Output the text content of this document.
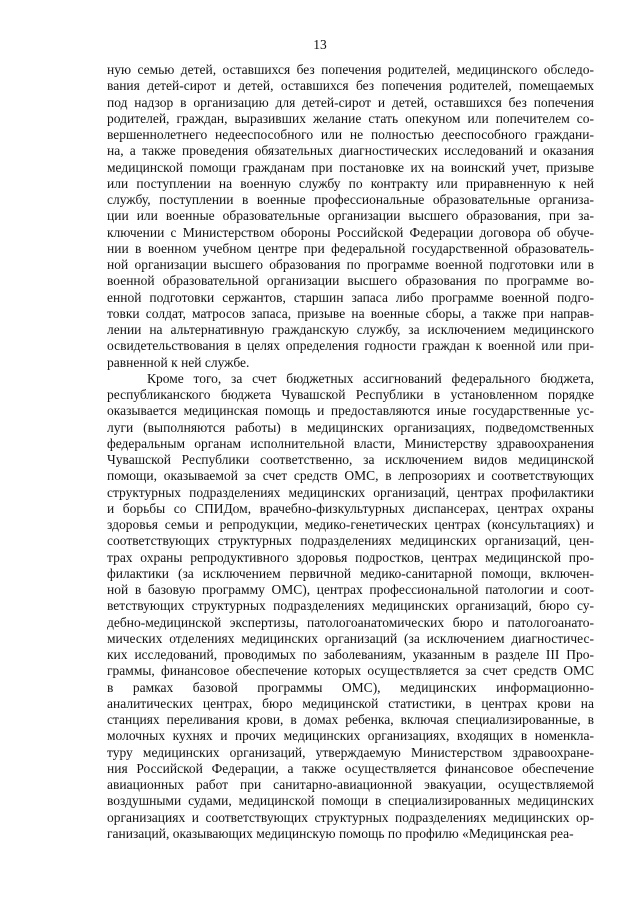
13
ную семью детей, оставшихся без попечения родителей, медицинского обследо-
вания детей-сирот и детей, оставшихся без попечения родителей, помещаемых
под надзор в организацию для детей-сирот и детей, оставшихся без попечения
родителей, граждан, выразивших желание стать опекуном или попечителем со-
вершеннолетнего недееспособного или не полностью дееспособного граждани-
на, а также проведения обязательных диагностических исследований и оказания
медицинской помощи гражданам при постановке их на воинский учет, призыве
или поступлении на военную службу по контракту или приравненную к ней
службу, поступлении в военные профессиональные образовательные организа-
ции или военные образовательные организации высшего образования, при за-
ключении с Министерством обороны Российской Федерации договора об обуче-
нии в военном учебном центре при федеральной государственной образователь-
ной организации высшего образования по программе военной подготовки или в
военной образовательной организации высшего образования по программе во-
енной подготовки сержантов, старшин запаса либо программе военной подго-
товки солдат, матросов запаса, призыве на военные сборы, а также при направ-
лении на альтернативную гражданскую службу, за исключением медицинского
освидетельствования в целях определения годности граждан к военной или при-
равненной к ней службе.
Кроме того, за счет бюджетных ассигнований федерального бюджета,
республиканского бюджета Чувашской Республики в установленном порядке
оказывается медицинская помощь и предоставляются иные государственные ус-
луги (выполняются работы) в медицинских организациях, подведомственных
федеральным органам исполнительной власти, Министерству здравоохранения
Чувашской Республики соответственно, за исключением видов медицинской
помощи, оказываемой за счет средств ОМС, в лепрозориях и соответствующих
структурных подразделениях медицинских организаций, центрах профилактики
и борьбы со СПИДом, врачебно-физкультурных диспансерах, центрах охраны
здоровья семьи и репродукции, медико-генетических центрах (консультациях) и
соответствующих структурных подразделениях медицинских организаций, цен-
трах охраны репродуктивного здоровья подростков, центрах медицинской про-
филактики (за исключением первичной медико-санитарной помощи, включен-
ной в базовую программу ОМС), центрах профессиональной патологии и соот-
ветствующих структурных подразделениях медицинских организаций, бюро су-
дебно-медицинской экспертизы, патологоанатомических бюро и патологоанато-
мических отделениях медицинских организаций (за исключением диагностичес-
ких исследований, проводимых по заболеваниям, указанным в разделе III Про-
граммы, финансовое обеспечение которых осуществляется за счет средств ОМС
в рамках базовой программы ОМС), медицинских информационно-
аналитических центрах, бюро медицинской статистики, в центрах крови на
станциях переливания крови, в домах ребенка, включая специализированные, в
молочных кухнях и прочих медицинских организациях, входящих в номенкла-
туру медицинских организаций, утверждаемую Министерством здравоохране-
ния Российской Федерации, а также осуществляется финансовое обеспечение
авиационных работ при санитарно-авиационной эвакуации, осуществляемой
воздушными судами, медицинской помощи в специализированных медицинских
организациях и соответствующих структурных подразделениях медицинских ор-
ганизаций, оказывающих медицинскую помощь по профилю «Медицинская реа-
